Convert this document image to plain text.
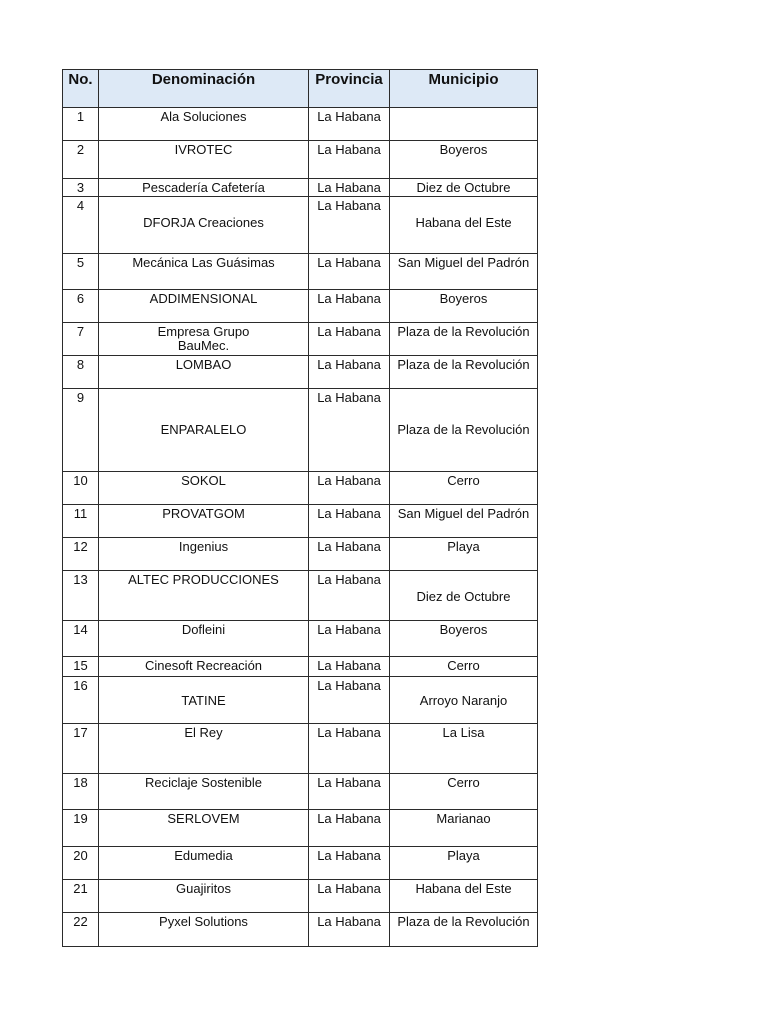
No.	Denominación	Provincia	Municipio
1	Ala Soluciones	La Habana	
2	IVROTEC	La Habana	Boyeros
3	Pescadería Cafetería	La Habana	Diez de Octubre
4	DFORJA Creaciones	La Habana	Habana del Este
5	Mecánica Las Guásimas	La Habana	San Miguel del Padrón
6	ADDIMENSIONAL	La Habana	Boyeros
7	Empresa Grupo BauMec.	La Habana	Plaza de la Revolución
8	LOMBAO	La Habana	Plaza de la Revolución
9	ENPARALELO	La Habana	Plaza de la Revolución
10	SOKOL	La Habana	Cerro
11	PROVATGOM	La Habana	San Miguel del Padrón
12	Ingenius	La Habana	Playa
13	ALTEC PRODUCCIONES	La Habana	Diez de Octubre
14	Dofleini	La Habana	Boyeros
15	Cinesoft Recreación	La Habana	Cerro
16	TATINE	La Habana	Arroyo Naranjo
17	El Rey	La Habana	La Lisa
18	Reciclaje Sostenible	La Habana	Cerro
19	SERLOVEM	La Habana	Marianao
20	Edumedia	La Habana	Playa
21	Guajiritos	La Habana	Habana del Este
22	Pyxel Solutions	La Habana	Plaza de la Revolución
